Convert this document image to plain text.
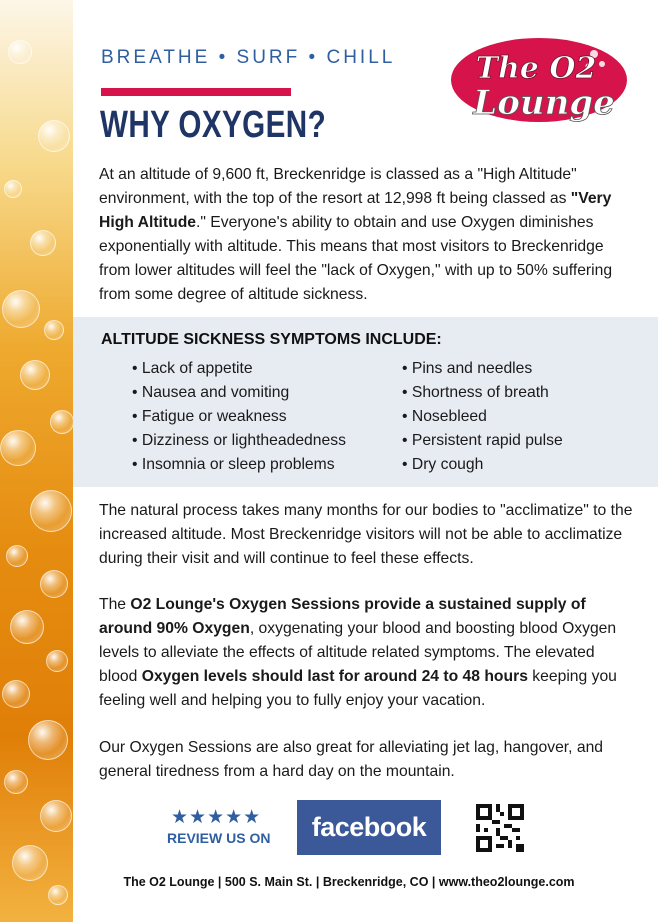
BREATHE • SURF • CHILL
WHY OXYGEN?
The O2
Lounge
At an altitude of 9,600 ft, Breckenridge is classed as a "High Altitude" environment, with the top of the resort at 12,998 ft being classed as "Very High Altitude." Everyone's ability to obtain and use Oxygen diminishes exponentially with altitude. This means that most visitors to Breckenridge from lower altitudes will feel the "lack of Oxygen," with up to 50% suffering from some degree of altitude sickness.
ALTITUDE SICKNESS SYMPTOMS INCLUDE:
• Lack of appetite
• Nausea and vomiting
• Fatigue or weakness
• Dizziness or lightheadedness
• Insomnia or sleep problems
• Pins and needles
• Shortness of breath
• Nosebleed
• Persistent rapid pulse
• Dry cough
The natural process takes many months for our bodies to "acclimatize" to the increased altitude. Most Breckenridge visitors will not be able to acclimatize during their visit and will continue to feel these effects.
The O2 Lounge's Oxygen Sessions provide a sustained supply of around 90% Oxygen, oxygenating your blood and boosting blood Oxygen levels to alleviate the effects of altitude related symptoms. The elevated blood Oxygen levels should last for around 24 to 48 hours keeping you feeling well and helping you to fully enjoy your vacation.
Our Oxygen Sessions are also great for alleviating jet lag, hangover, and general tiredness from a hard day on the mountain.
★★★★★
REVIEW US ON	facebook
The O2 Lounge | 500 S. Main St. | Breckenridge, CO | www.theo2lounge.com
